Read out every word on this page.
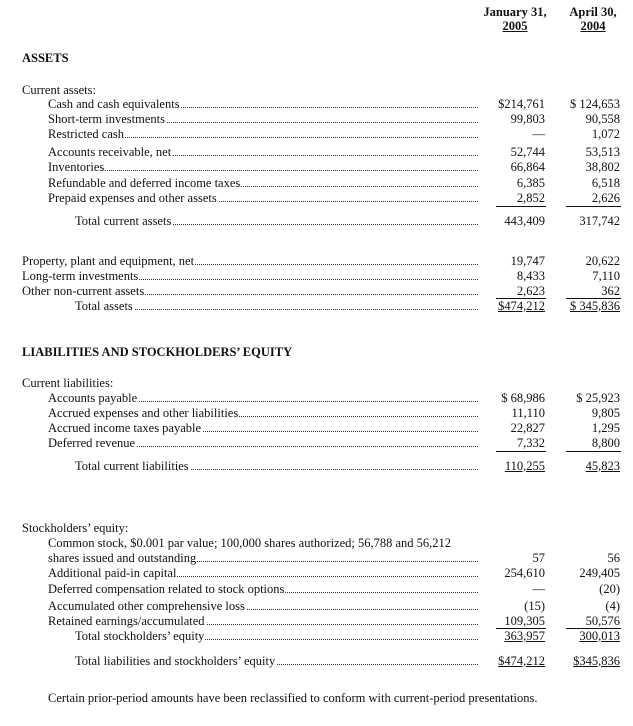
January 31,
2005
April 30,
2004
ASSETS
Current assets:
Cash and cash equivalents	$214,761	$ 124,653
Short-term investments	99,803	90,558
Restricted cash	—	1,072
Accounts receivable, net	52,744	53,513
Inventories	66,864	38,802
Refundable and deferred income taxes	6,385	6,518
Prepaid expenses and other assets	2,852	2,626
Total current assets	443,409	317,742
Property, plant and equipment, net	19,747	20,622
Long-term investments	8,433	7,110
Other non-current assets	2,623	362
Total assets	$474,212	$ 345,836
LIABILITIES AND STOCKHOLDERS’ EQUITY
Current liabilities:
Accounts payable	$ 68,986	$ 25,923
Accrued expenses and other liabilities	11,110	9,805
Accrued income taxes payable	22,827	1,295
Deferred revenue	7,332	8,800
Total current liabilities	110,255	45,823
Stockholders’ equity:
Common stock, $0.001 par value; 100,000 shares authorized; 56,788 and 56,212
shares issued and outstanding	57	56
Additional paid-in capital	254,610	249,405
Deferred compensation related to stock options	—	(20)
Accumulated other comprehensive loss	(15)	(4)
Retained earnings/accumulated	109,305	50,576
Total stockholders’ equity	363,957	300,013
Total liabilities and stockholders’ equity	$474,212	$345,836
Certain prior-period amounts have been reclassified to conform with current-period presentations.
